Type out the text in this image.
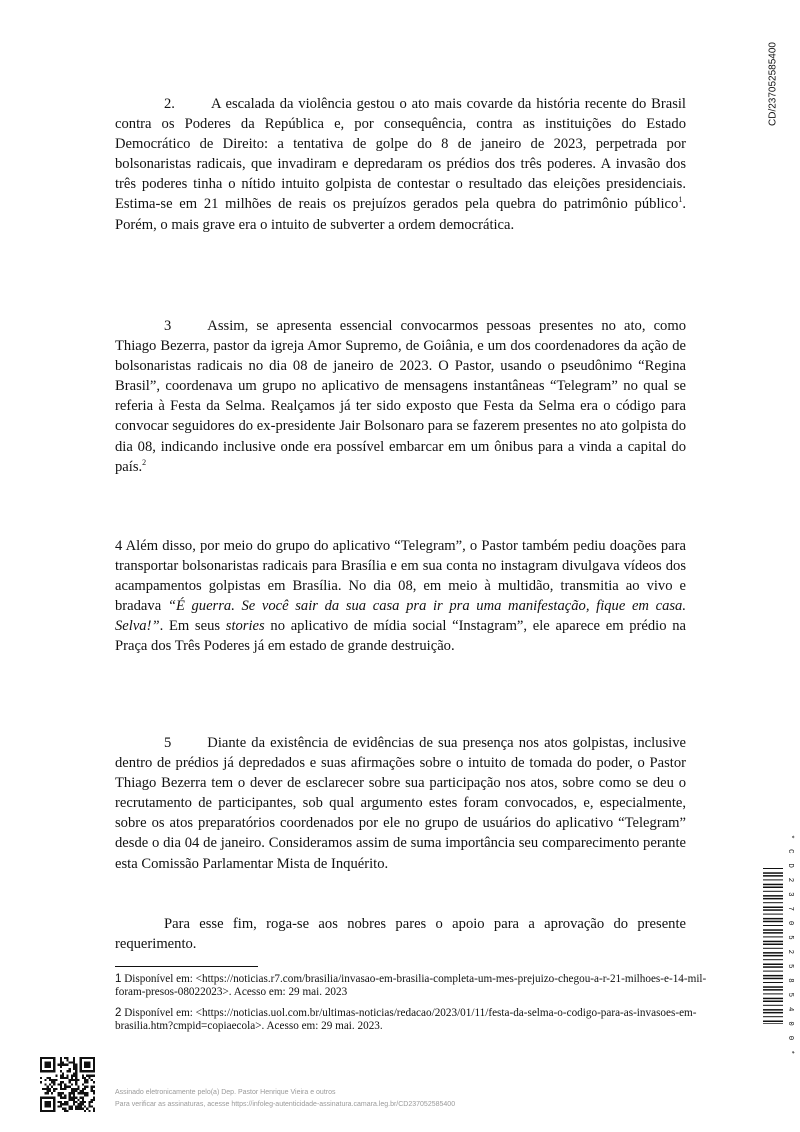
CD/237052585400

2. A escalada da violência gestou o ato mais covarde da história recente do Brasil contra os Poderes da República e, por consequência, contra as instituições do Estado Democrático de Direito: a tentativa de golpe do 8 de janeiro de 2023, perpetrada por bolsonaristas radicais, que invadiram e depredaram os prédios dos três poderes. A invasão dos três poderes tinha o nítido intuito golpista de contestar o resultado das eleições presidenciais. Estima-se em 21 milhões de reais os prejuízos gerados pela quebra do patrimônio público$^1$. Porém, o mais grave era o intuito de subverter a ordem democrática.

3 Assim, se apresenta essencial convocarmos pessoas presentes no ato, como Thiago Bezerra, pastor da igreja Amor Supremo, de Goiânia, e um dos coordenadores da ação de bolsonaristas radicais no dia 08 de janeiro de 2023. O Pastor, usando o pseudônimo “Regina Brasil”, coordenava um grupo no aplicativo de mensagens instantâneas “Telegram” no qual se referia à Festa da Selma. Realçamos já ter sido exposto que Festa da Selma era o código para convocar seguidores do ex-presidente Jair Bolsonaro para se fazerem presentes no ato golpista do dia 08, indicando inclusive onde era possível embarcar em um ônibus para a vinda a capital do país.$^2$

4 Além disso, por meio do grupo do aplicativo “Telegram”, o Pastor também pediu doações para transportar bolsonaristas radicais para Brasília e em sua conta no instagram divulgava vídeos dos acampamentos golpistas em Brasília. No dia 08, em meio à multidão, transmitia ao vivo e bradava “É guerra. Se você sair da sua casa pra ir pra uma manifestação, fique em casa. Selva!”. Em seus stories no aplicativo de mídia social “Instagram”, ele aparece em prédio na Praça dos Três Poderes já em estado de grande destruição.

5 Diante da existência de evidências de sua presença nos atos golpistas, inclusive dentro de prédios já depredados e suas afirmações sobre o intuito de tomada do poder, o Pastor Thiago Bezerra tem o dever de esclarecer sobre sua participação nos atos, sobre como se deu o recrutamento de participantes, sob qual argumento estes foram convocados, e, especialmente, sobre os atos preparatórios coordenados por ele no grupo de usuários do aplicativo “Telegram” desde o dia 04 de janeiro. Consideramos assim de suma importância seu comparecimento perante esta Comissão Parlamentar Mista de Inquérito.

Para esse fim, roga-se aos nobres pares o apoio para a aprovação do presente requerimento.

1 Disponível em: <https://noticias.r7.com/brasilia/invasao-em-brasilia-completa-um-mes-prejuizo-chegou-a-r-21-milhoes-e-14-mil-foram-presos-08022023>. Acesso em: 29 mai. 2023

2 Disponível em: <https://noticias.uol.com.br/ultimas-noticias/redacao/2023/01/11/festa-da-selma-o-codigo-para-as-invasoes-em-brasilia.htm?cmpid=copiaecola>. Acesso em: 29 mai. 2023.	* C D 2 3 7 0 5 2 5 8 5 4 0 0 *
Assinado eletronicamente pelo(a) Dep. Pastor Henrique Vieira e outros
Para verificar as assinaturas, acesse https://infoleg-autenticidade-assinatura.camara.leg.br/CD237052585400
